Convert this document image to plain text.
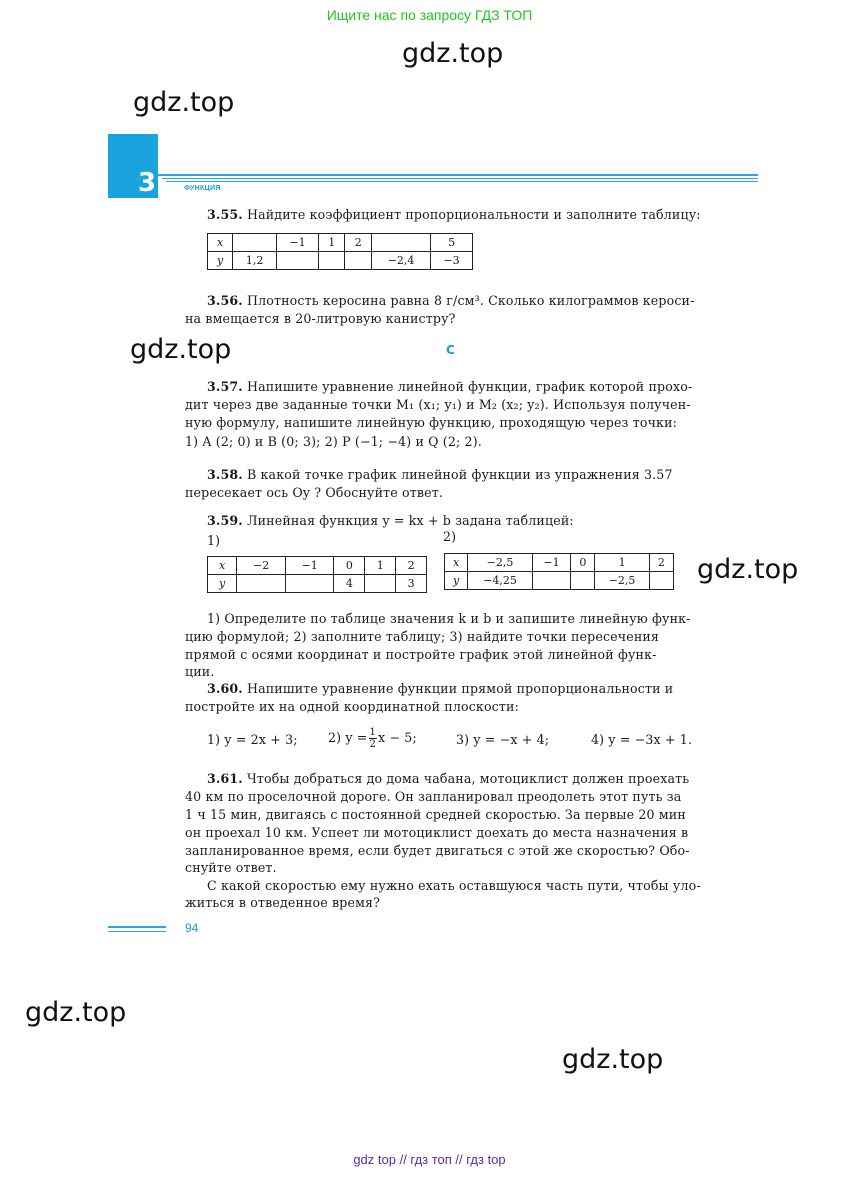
Ищите нас по запросу ГДЗ ТОП
gdz.top
gdz.top
gdz.top
gdz.top
gdz.top
gdz.top
3	ФУНКЦИЯ
3.55. Найдите коэффициент пропорциональности и заполните таблицу:
x		−1	1	2		5
y	1,2				−2,4	−3
3.56. Плотность керосина равна 8 г/см³. Сколько килограммов кероси-
на вмещается в 20-литровую канистру?
C
3.57. Напишите уравнение линейной функции, график которой прохо-
дит через две заданные точки M₁ (x₁; y₁) и M₂ (x₂; y₂). Используя получен-
ную формулу, напишите линейную функцию, проходящую через точки:
1) A (2; 0) и B (0; 3); 2) P (−1; −4) и Q (2; 2).
3.58. В какой точке график линейной функции из упражнения 3.57
пересекает ось Oy ? Обоснуйте ответ.
3.59. Линейная функция y = kx + b задана таблицей:
1)	2)
x	−2	−1	0	1	2
y			4		3
x	−2,5	−1	0	1	2
y	−4,25			−2,5	
1) Определите по таблице значения k и b и запишите линейную функ-
цию формулой; 2) заполните таблицу; 3) найдите точки пересечения
прямой с осями координат и постройте график этой линейной функ-
ции.
3.60. Напишите уравнение функции прямой пропорциональности и
постройте их на одной координатной плоскости:
1) y = 2x + 3; 2) $y = \frac{1}{2}$ x − 5;	3) y = −x + 4;	4) y = −3x + 1.
3.61. Чтобы добраться до дома чабана, мотоциклист должен проехать
40 км по проселочной дороге. Он запланировал преодолеть этот путь за
1 ч 15 мин, двигаясь с постоянной средней скоростью. За первые 20 мин
он проехал 10 км. Успеет ли мотоциклист доехать до места назначения в
запланированное время, если будет двигаться с этой же скоростью? Обо-
снуйте ответ.
С какой скоростью ему нужно ехать оставшуюся часть пути, чтобы уло-
житься в отведенное время?
94
gdz top // гдз топ // гдз top
